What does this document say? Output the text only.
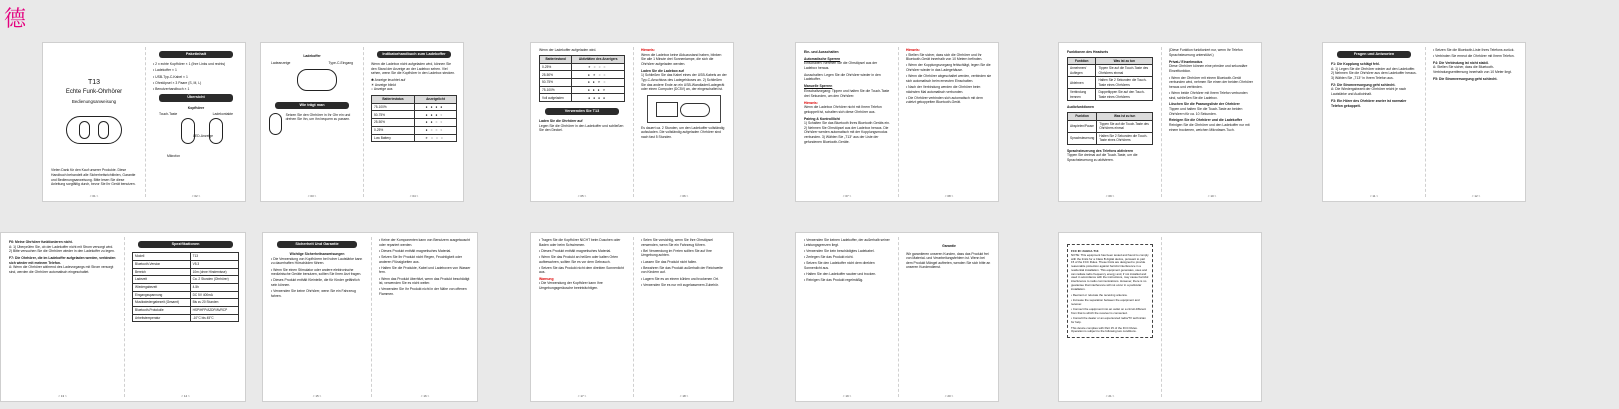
德
T13
Echte Funk-Ohrhörer
Bedienungsanweisung
Vielen Dank für den Kauf unserer Produkte. Diese Handbuch behandelt alle Sicherheitsrichtlinien, Garantie und Bedienungsanweisung. Bitte lesen Sie diese Anleitung sorgfältig durch, bevor Sie Ihr Gerät benutzen.
< 01 >
Paketinhalt
• 2 x echte Kopfhörer × 1 (Ihre Links und rechts)
• Ladekoffer × 1
• USB-Typ-C-Kabel × 1
• Ohrstöpsel × 3 Paare (S, M, L)
• Benutzerhandbuch × 1
Übersicht
Kopfhörer
Touch-Taste	Ladekontakte
LED-Anzeige
Mikrofon
< 02 >
Ladekoffer
Ladeanzeige	Type-C-Eingang
Wie trägt man
Setzen Sie den Ohrhörer in Ihr Ohr ein und drehen Sie ihn, um ihn bequem zu passen.
< 03 >
Indikatorhandbuch zum Ladekoffer
Wenn die Ladebox nicht aufgeladen wird, können Sie den Stand der Anzeige an der Ladebox sehen. Viel sehen, wenn Sie die Kopfhörer in den Ladebox stecken.
✱ Anzeige leuchtet auf
☀ Anzeige blinkt
○ Anzeige aus
Batteriestatus	Anzeigelicht
75-100%	●●●●
50-75%	●●●○
25-50%	●●○○
0-25%	●○○○
Low Battery	☀○○○
< 04 >
Wenn der Ladekoffer aufgeladen wird.
Batteriestand	Aktivitäten des Anzeigers
0-25%	☀○○○
25-50%	●☀○○
50-75%	●●☀○
75-100%	●●●☀
Voll aufgeladen	●●●●
Verwenden Sie T13
Laden Sie die Ohrhörer auf
Legen Sie die Ohrhörer in den Ladekoffer und schließen Sie den Deckel.
< 05 >
Hinweis:
Wenn die Ladebox keine Akkuzustand haben, blinken Sie alle 1 Minute drei Sonnenlampe, die sich die Ohrhörer aufgeladen werden.
Laden Sie die Ladebox auf
1) Schließen Sie das Kabel eines der USB-Kabels an der Typ-C-Anschluss des Ladegehäuses an. 2) Schließen Sie das andere Ende an ein USB-Wandlader/Ladegerät oder einen Computer (DC5V) an, der eingeschaltet ist.
Es dauert ca. 2 Stunden, um den Ladekoffer vollständig aufzuladen. Die vollständig aufgeladen Ohrhörer sind nach fast 5 Stunden.
< 06 >
Ein- und Ausschalten
Automatische Sperren
Einschalten: Nehmen Sie die Ohrstöpsel aus der Ladebox heraus.
Ausschalten: Legen Sie die Ohrhörer wieder in den Ladekoffer.
Manuelle Sperren
Einschaltvorgang: Tippen und halten Sie die Touch-Taste drei Sekunden, um den Ohrhörer.
Hinweis:
Wenn die Ladebox Ohrhörer nicht mit Ihrem Telefon gekoppelt ist, schalten sich diese Ohrhörer aus.
Pairing & Kontrolllicht
1) Schalten Sie das Bluetooth Ihres Bluetooth Geräts ein. 2) Nehmen Sie Ohrstöpsel aus der Ladebox heraus. Die Ohrhörer werden automatisch mit der Kopplungsmodus verbunden. 3) Wählen Sie „T13“ aus der Liste der gefundenen Bluetooth-Geräte.
< 07 >
Hinweis:
• Stellen Sie sicher, dass sich die Ohrhörer und Ihr Bluetooth-Gerät innerhalb von 10 Metern befinden.
• Wenn der Kopplungsvorgang fehlschlägt, legen Sie die Ohrhörer wieder in das Ladegehäuse.
• Wenn die Ohrhörer abgeschaltet werden, verbinden sie sich automatisch beim erneuten Einschalten.
• Nach der Verbindung werden die Ohrhörer beim nächsten Mal automatisch verbunden.
• Die Ohrhörer verbinden sich automatisch mit dem zuletzt gekoppelten Bluetooth-Gerät.
< 08 >
Funktionen des Headsets
Funktion	Was ist zu tun
Annehmen/ Auflegen	Tippen Sie auf die Touch-Taste des Ohrhörers einmal
Ablehnen	Halten Sie 2 Sekunden die Touch-Taste eines Ohrhörers
Verbindung trennen	Doppeltippen Sie auf den Touch-Taste eines Ohrhörers
Audiofunktionen
Funktion	Was ist zu tun
Abspielen/Pause	Tippen Sie auf die Touch-Taste des Ohrhörers einmal
Sprachsteuerung	Halten Sie 2 Sekunden die Touch-Taste eines Ohrhörers
Sprachsteuerung des Telefons aktivieren
Tippen Sie dreimal auf die Touch-Taste, um die Sprachsteuerung zu aktivieren.
< 09 >
(Diese Funktion funktioniert nur, wenn Ihr Telefon Sprachsteuerung unterstützt.)
Privat-/ Einzelmodus
Diese Ohrhörer können eine primäre und sekundäre Einzelfunktion.
• Wenn der Ohrhörer mit einem Bluetooth-Gerät verbunden wird, nehmen Sie einen der beiden Ohrhörer heraus und verbinden.
• Wenn beide Ohrhörer mit Ihrem Telefon verbunden sind, schließen Sie die Ladebox.
Löschen Sie die Paarungsliste der Ohrhörer
Tippen und halten Sie die Touch-Taste an beiden Ohrhörern für ca. 10 Sekunden.
Reinigen Sie die Ohrhörer und die Ladekoffer
Reinigen Sie die Ohrhörer und den Ladekoffer nur mit einem trockenen, weichen Mikrofaser-Tuch.
< 10 >
Fragen und Antworten
F1: Die Kopplung schlägt fehl.
A: 1) Legen Sie die Ohrhörer wieder auf den Ladekoffer. 2) Nehmen Sie die Ohrhörer aus dem Ladekoffer heraus. 3) Wählen Sie „T13“ in Ihrem Telefon aus.
F2: Die Stromversorgung geht schlecht.
A: Die Wiedergabezeit der Ohrhörer reicht je nach Lautstärke und Audioinhalt.
F3: Ein Hörer des Ohrhörer zweier ist normaler Telefon gekoppelt.
< 11 >
• Setzen Sie die Bluetooth-Liste Ihres Telefons zurück.
• Verbinden Sie erneut die Ohrhörer mit Ihrem Telefon.
F4: Die Verbindung ist nicht stabil.
A: Stellen Sie sicher, dass die Bluetooth-Verbindungsentfernung innerhalb von 10 Meter liegt.
F5: Die Stromversorgung geht schlecht.
< 12 >
F6: Meine Ohrhörer funktionieren nicht.
A: 1) Überprüfen Sie, ob der Ladekoffer nicht mit Strom versorgt wird. 2) Bitte versuchen Sie die Ohrhörer wieder in den Ladekoffer zu legen.
F7: Die Ohrhörer, die im Ladekoffer aufgeladen werden, verbinden sich wieder mit meinem Telefon.
A: Wenn die Ohrhörer während des Ladevorgangs mit Strom versorgt sind, werden die Ohrhörer automatisch eingeschaltet.
< 13 >
Spezifikationen
Modell	T13
Bluetooth-Version	V5.3
Bereich	10m (ohne Hindernisse)
Ladezeit	Ca. 2 Stunden (Ohrhörer)
Wiedergabezeit	4-5h
Eingangsspannung	DC 5V 400mA
Musikwiedergabezeit (Gesamt)	Bis zu 20 Stunden
Bluetooth-Protokolle	HSP/HFP/A2DP/AVRCP
Arbeitstemperatur	-10°C bis 45°C
< 14 >
Sicherheit Und Garantie
Wichtige Sicherheitsanweisungen
• Die Verwendung von Kopfhörern bei hoher Lautstärke kann zu dauerhaften Hörschäden führen.
• Wenn Sie einen Stimulator oder andere elektronische medizinische Geräte benutzen, sollten Sie Ihren Arzt fragen.
• Dieses Produkt enthält Kleinteile, die für Kinder gefährlich sein können.
• Verwenden Sie keine Ohrhörer, wenn Sie ein Fahrzeug fahren.
< 15 >
• Keine der Komponenten kann von Benutzern ausgetauscht oder repariert werden.
• Dieses Produkt enthält magnetisches Material.
• Setzen Sie Ihr Produkt nicht Regen, Feuchtigkeit oder anderen Flüssigkeiten aus.
• Halten Sie die Produkte, Kabel und Ladeboxen von Wasser fern.
• Wenn das Produkt überhitzt, wenn das Produkt beschädigt ist, verwenden Sie es nicht weiter.
• Verwenden Sie Ihr Produkt nicht in der Nähe von offenen Flammen.
< 16 >
• Tragen Sie die Kopfhörer NICHT beim Duschen oder Baden oder beim Schwimmen.
• Dieses Produkt enthält magnetisches Material.
• Wenn Sie das Produkt an heißen oder kalten Orten aufbewahren, sollten Sie es vor dem Gebrauch.
• Setzen Sie das Produkt nicht dem direkten Sonnenlicht aus.
Warnung
• Die Verwendung der Kopfhörer kann Ihre Umgebungsgeräusche beeinträchtigen.
< 17 >
• Seien Sie vorsichtig, wenn Sie Ihre Ohrstöpsel verwenden, wenn Sie ein Fahrzeug führen.
• Bei Verwendung im Freien sollten Sie auf Ihre Umgebung achten.
• Lassen Sie das Produkt nicht fallen.
• Bewahren Sie das Produkt außerhalb der Reichweite von Kindern auf.
• Lagern Sie es an einem kühlen und trockenen Ort.
• Verwenden Sie es nur mit zugelassenem Zubehör.
< 18 >
• Verwenden Sie keinen Ladekoffer, der außerhalb seiner Leistungsgrenzen liegt.
• Verwenden Sie kein beschädigtes Ladekabel.
• Zerlegen Sie das Produkt nicht.
• Setzen Sie den Ladekoffer nicht dem direkten Sonnenlicht aus.
• Halten Sie den Ladekoffer sauber und trocken.
• Reinigen Sie das Produkt regelmäßig.
< 19 >
Garantie
Wir garantieren unseren Kunden, dass das Produkt frei von Material- und Verarbeitungsfehlern ist. Wenn bei dem Produkt Mängel auftreten, wenden Sie sich bitte an unseren Kundendienst.
< 20 >
FCC ID: 2AHUA-T13
NOTE: This equipment has been tested and found to comply with the limits for a Class B digital device, pursuant to part 15 of the FCC Rules. These limits are designed to provide reasonable protection against harmful interference in a residential installation. This equipment generates, uses and can radiate radio frequency energy and, if not installed and used in accordance with the instructions, may cause harmful interference to radio communications. However, there is no guarantee that interference will not occur in a particular installation.
• Reorient or relocate the receiving antenna.
• Increase the separation between the equipment and receiver.
• Connect the equipment into an outlet on a circuit different from that to which the receiver is connected.
• Consult the dealer or an experienced radio/TV technician for help.
This device complies with Part 15 of the FCC Rules. Operation is subject to the following two conditions.
< 21 >
